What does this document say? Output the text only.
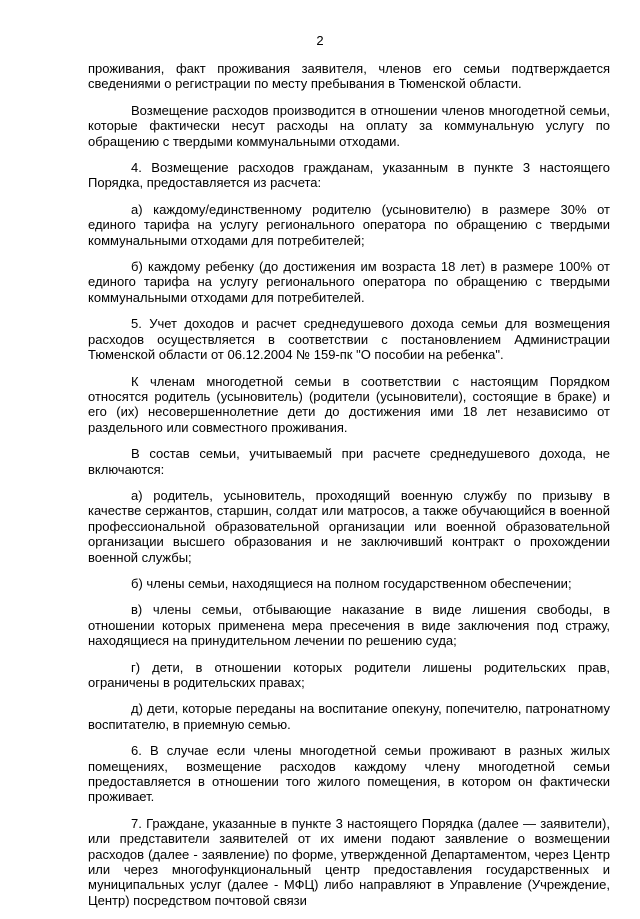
2

проживания, факт проживания заявителя, членов его семьи подтверждается сведениями о регистрации по месту пребывания в Тюменской области.

Возмещение расходов производится в отношении членов многодетной семьи, которые фактически несут расходы на оплату за коммунальную услугу по обращению с твердыми коммунальными отходами.

4. Возмещение расходов гражданам, указанным в пункте 3 настоящего Порядка, предоставляется из расчета:

а) каждому/единственному родителю (усыновителю) в размере 30% от единого тарифа на услугу регионального оператора по обращению с твердыми коммунальными отходами для потребителей;

б) каждому ребенку (до достижения им возраста 18 лет) в размере 100% от единого тарифа на услугу регионального оператора по обращению с твердыми коммунальными отходами для потребителей.

5. Учет доходов и расчет среднедушевого дохода семьи для возмещения расходов осуществляется в соответствии с постановлением Администрации Тюменской области от 06.12.2004 № 159-пк "О пособии на ребенка".

К членам многодетной семьи в соответствии с настоящим Порядком относятся родитель (усыновитель) (родители (усыновители), состоящие в браке) и его (их) несовершеннолетние дети до достижения ими 18 лет независимо от раздельного или совместного проживания.

В состав семьи, учитываемый при расчете среднедушевого дохода, не включаются:

а) родитель, усыновитель, проходящий военную службу по призыву в качестве сержантов, старшин, солдат или матросов, а также обучающийся в военной профессиональной образовательной организации или военной образовательной организации высшего образования и не заключивший контракт о прохождении военной службы;

б) члены семьи, находящиеся на полном государственном обеспечении;

в) члены семьи, отбывающие наказание в виде лишения свободы, в отношении которых применена мера пресечения в виде заключения под стражу, находящиеся на принудительном лечении по решению суда;

г) дети, в отношении которых родители лишены родительских прав, ограничены в родительских правах;

д) дети, которые переданы на воспитание опекуну, попечителю, патронатному воспитателю, в приемную семью.

6. В случае если члены многодетной семьи проживают в разных жилых помещениях, возмещение расходов каждому члену многодетной семьи предоставляется в отношении того жилого помещения, в котором он фактически проживает.

7. Граждане, указанные в пункте 3 настоящего Порядка (далее — заявители), или представители заявителей от их имени подают заявление о возмещении расходов (далее - заявление) по форме, утвержденной Департаментом, через Центр или через многофункциональный центр предоставления государственных и муниципальных услуг (далее - МФЦ) либо направляют в Управление (Учреждение, Центр) посредством почтовой связи
